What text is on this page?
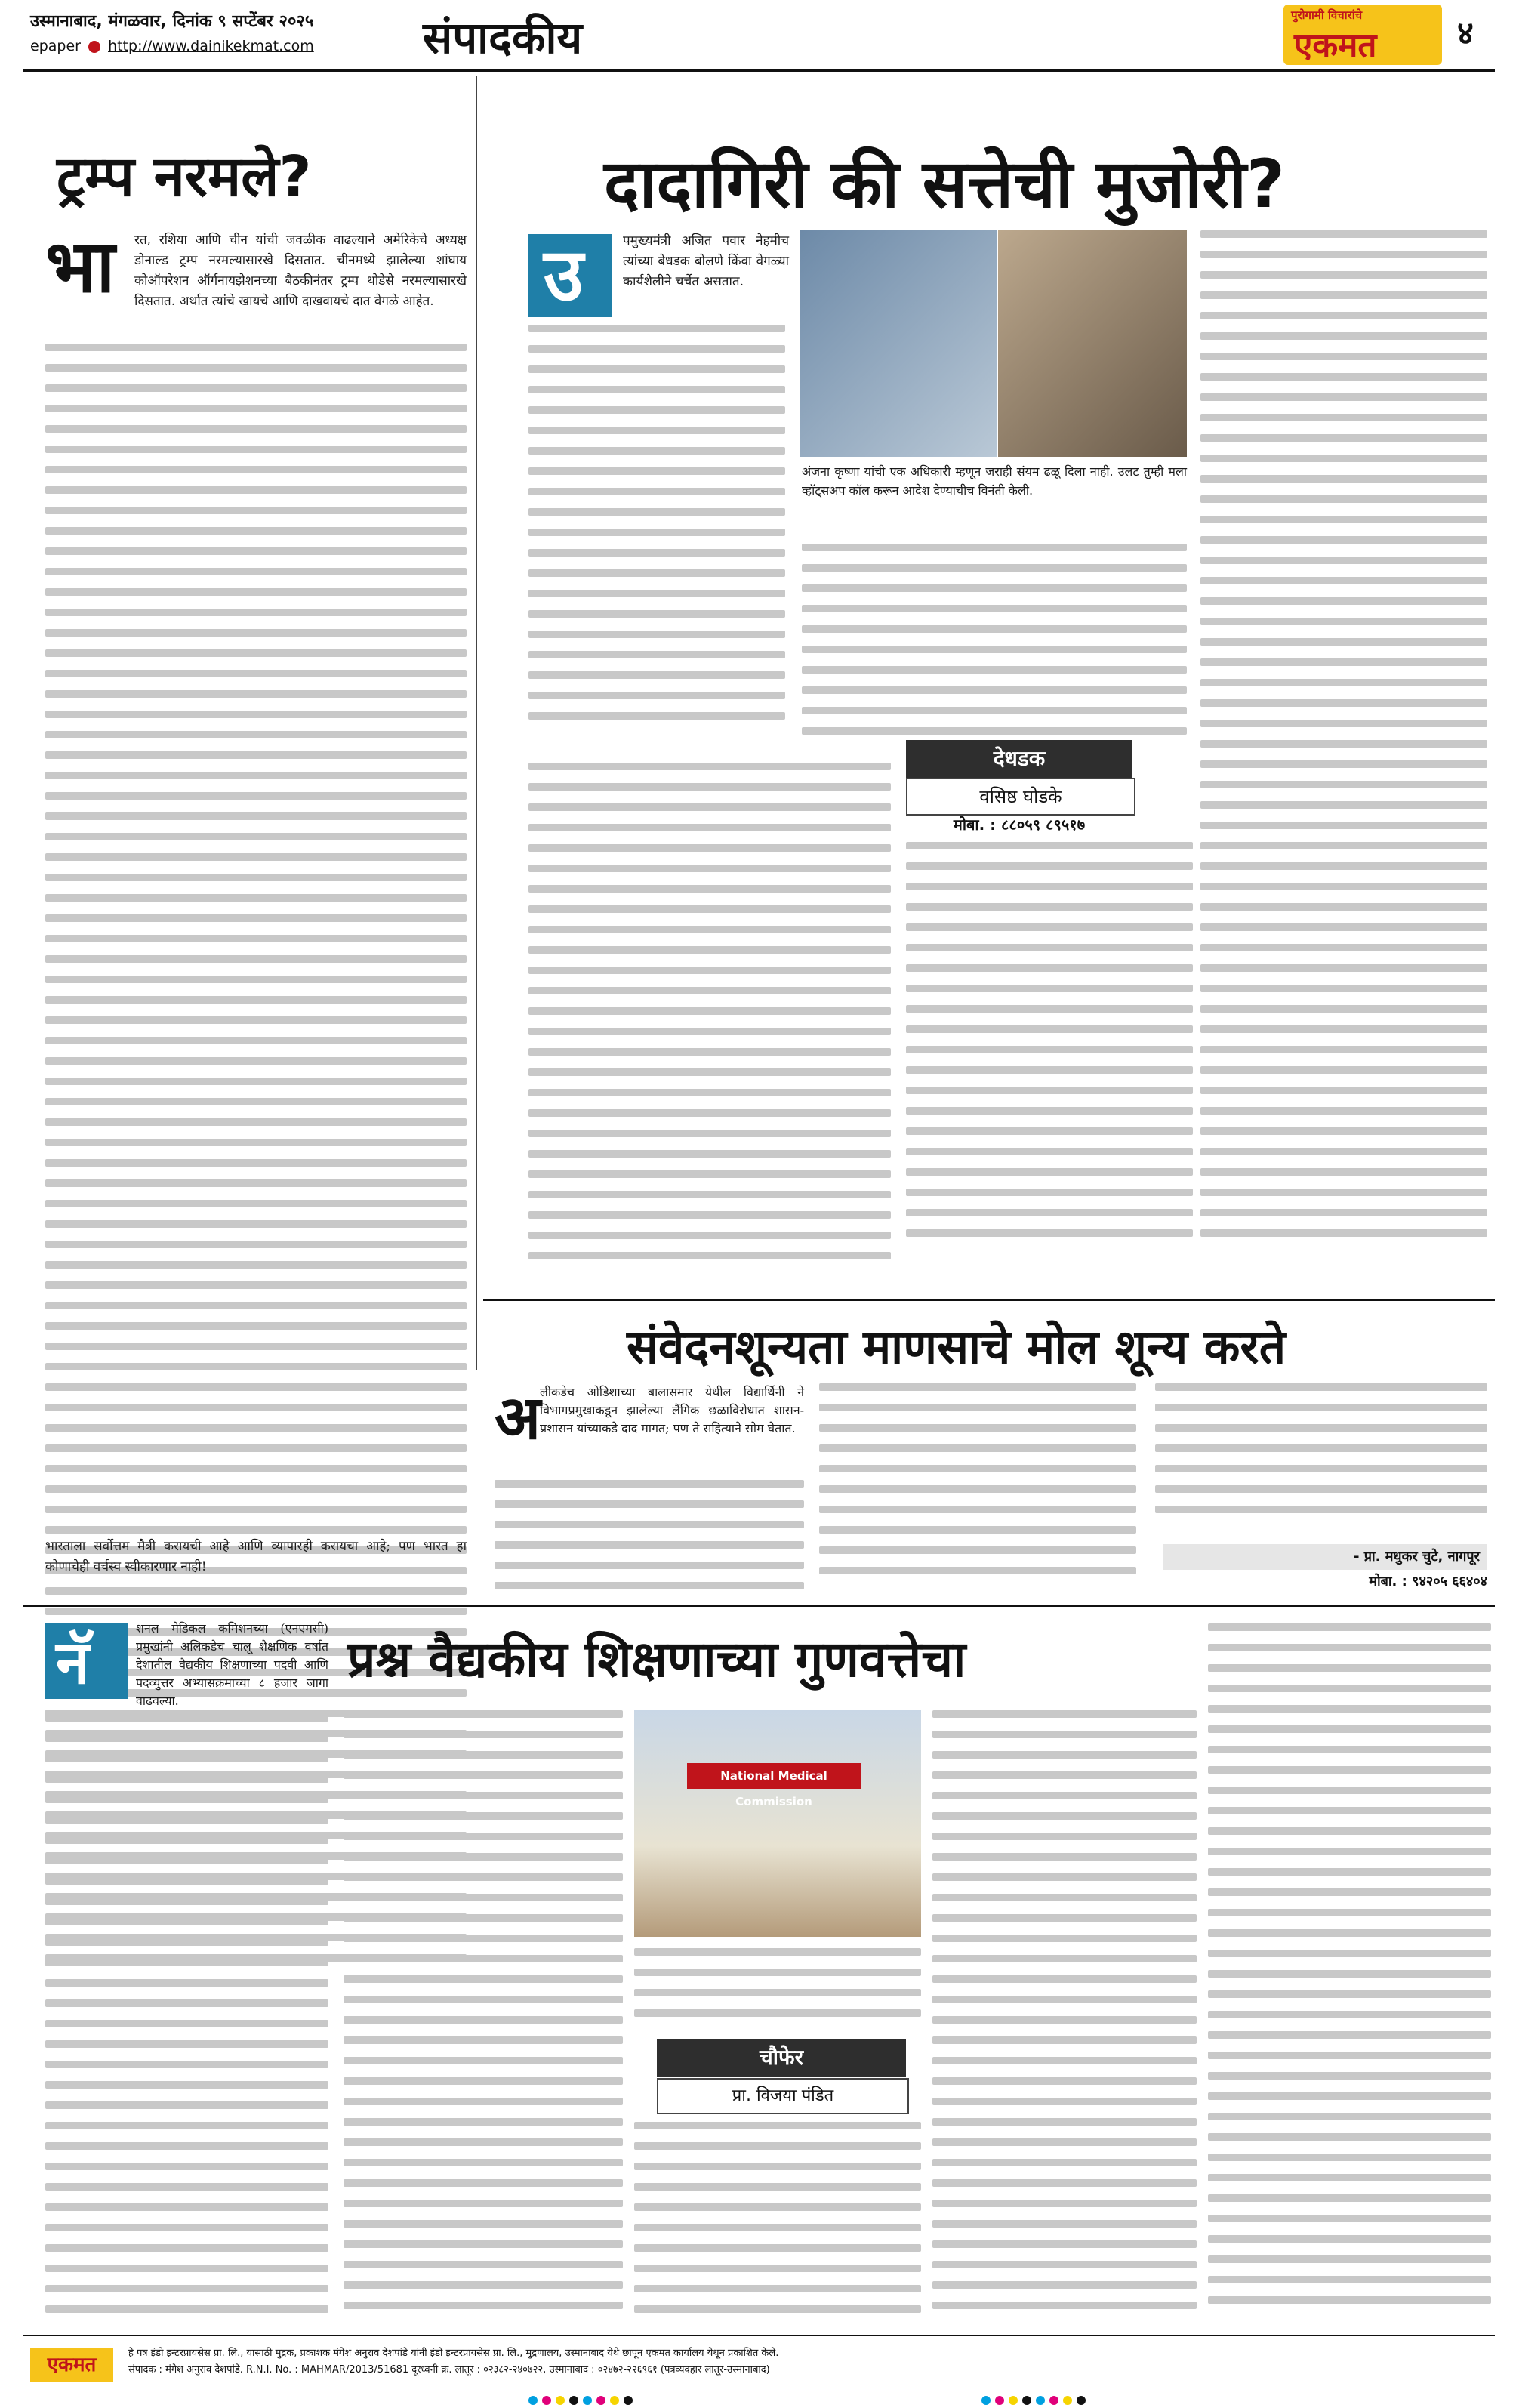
उस्मानाबाद, मंगळवार, दिनांक ९ सप्टेंबर २०२५
epaper http://www.dainikekmat.com	संपादकीय	पुरोगामी विचारांचे
एकमत	४
ट्रम्प नरमले?
भा रत, रशिया आणि चीन यांची जवळीक वाढल्याने अमेरिकेचे अध्यक्ष डोनाल्ड ट्रम्प नरमल्यासारखे दिसतात. चीनमध्ये झालेल्या शांघाय कोऑपरेशन ऑर्गनायझेशनच्या बैठकीनंतर ट्रम्प थोडेसे नरमल्यासारखे दिसतात. अर्थात त्यांचे खायचे आणि दाखवायचे दात वेगळे आहेत.
भारताला सर्वोत्तम मैत्री करायची आहे आणि व्यापारही करायचा आहे; पण भारत हा कोणाचेही वर्चस्व स्वीकारणार नाही!
दादागिरी की सत्तेची मुजोरी?
उ	पमुख्यमंत्री अजित पवार नेहमीच त्यांच्या बेधडक बोलणे किंवा वेगळ्या कार्यशैलीने चर्चेत असतात.
अंजना कृष्णा यांची एक अधिकारी म्हणून जराही संयम ढळू दिला नाही. उलट तुम्ही मला व्हॉट्सअप कॉल करून आदेश देण्याचीच विनंती केली.
देधडक
वसिष्ठ घोडके
मोबा. : ८८०५९ ८९५१७
संवेदनशून्यता माणसाचे मोल शून्य करते
अ
लीकडेच ओडिशाच्या बालासमार येथील विद्यार्थिनी ने विभागप्रमुखाकडून झालेल्या लैंगिक छळाविरोधात शासन-प्रशासन यांच्याकडे दाद मागत; पण ते सहित्याने सोम घेतात.
- प्रा. मधुकर चुटे, नागपूर
मोबा. : ९४२०५ ६६४०४
नॅ	प्रश्न वैद्यकीय शिक्षणाच्या गुणवत्तेचा
शनल मेडिकल कमिशनच्या (एनएमसी) प्रमुखांनी अलिकडेच चालू शैक्षणिक वर्षात देशातील वैद्यकीय शिक्षणाच्या पदवी आणि पदव्युत्तर अभ्यासक्रमाच्या ८ हजार जागा वाढवल्या.
National Medical Commission
चौफेर
प्रा. विजया पंडित
एकमत
हे पत्र इंडो इन्टरप्रायसेस प्रा. लि., यासाठी मुद्रक, प्रकाशक मंगेश अनुराव देशपांडे यांनी इंडो इन्टरप्रायसेस प्रा. लि., मुद्रणालय, उस्मानाबाद येथे छापून एकमत कार्यालय येथून प्रकाशित केले.
संपादक : मंगेश अनुराव देशपांडे. R.N.I. No. : MAHMAR/2013/51681 दूरध्वनी क्र. लातूर : ०२३८२-२४०७२२, उस्मानाबाद : ०२४७२-२२६९६१ (पत्रव्यवहार लातूर-उस्मानाबाद)
